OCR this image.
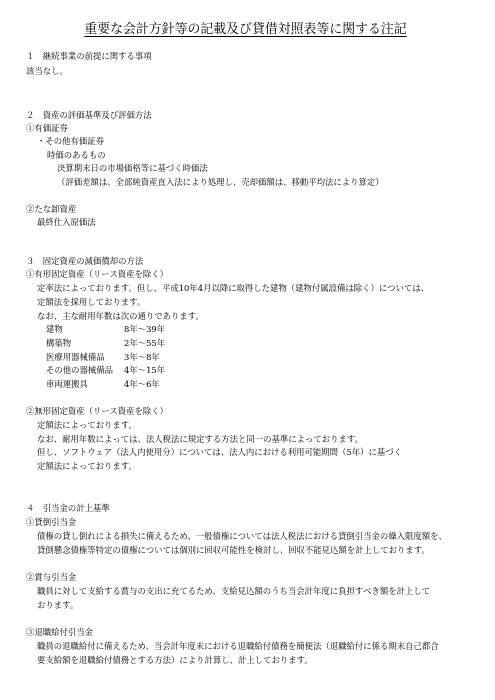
重要な会計方針等の記載及び貸借対照表等に関する注記
１　継続事業の前提に関する事項
該当なし。
２　資産の評価基準及び評価方法
①有価証券
・その他有価証券
時価のあるもの
決算期末日の市場価格等に基づく時価法
（評価差額は、全部純資産直入法により処理し、売却価額は、移動平均法により算定）
②たな卸資産
最終仕入原価法
３　固定資産の減価償却の方法
①有形固定資産（リース資産を除く）
定率法によっております。但し、平成10年4月以降に取得した建物（建物付属設備は除く）については、
定額法を採用しております。
なお、主な耐用年数は次の通りであります。
建物	8年〜39年
構築物	2年〜55年
医療用器械備品 3年〜8年
その他の器械備品 4年〜15年
車両運搬具	4年〜6年
②無形固定資産（リース資産を除く）
定額法によっております。
なお、耐用年数によっては、法人税法に規定する方法と同一の基準によっております。
但し、ソフトウェア（法人内使用分）については、法人内における利用可能期間（5年）に基づく
定額法によっております。
４　引当金の計上基準
①貸倒引当金
債権の貸し倒れによる損失に備えるため、一般債権については法人税法における貸倒引当金の繰入限度額を、
貸倒懸念債権等特定の債権については個別に回収可能性を検討し、回収不能見込額を計上しております。
②賞与引当金
職員に対して支給する賞与の支出に充てるため、支給見込額のうち当会計年度に負担すべき額を計上して
おります。
③退職給付引当金
職員の退職給付に備えるため、当会計年度末における退職給付債務を簡便法（退職給付に係る期末自己都合
要支給額を退職給付債務とする方法）により計算し、計上しております。
